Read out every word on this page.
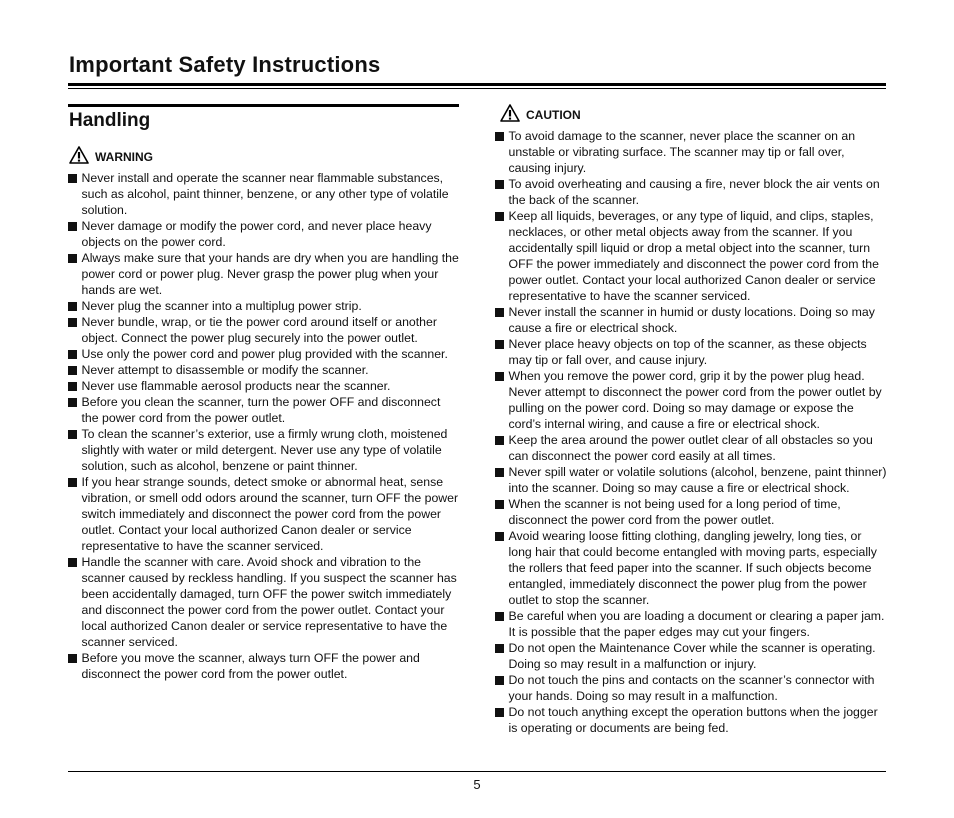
Important Safety Instructions
Handling
WARNING
Never install and operate the scanner near flammable substances, such as alcohol, paint thinner, benzene, or any other type of volatile solution.
Never damage or modify the power cord, and never place heavy objects on the power cord.
Always make sure that your hands are dry when you are handling the power cord or power plug. Never grasp the power plug when your hands are wet.
Never plug the scanner into a multiplug power strip.
Never bundle, wrap, or tie the power cord around itself or another object. Connect the power plug securely into the power outlet.
Use only the power cord and power plug provided with the scanner.
Never attempt to disassemble or modify the scanner.
Never use flammable aerosol products near the scanner.
Before you clean the scanner, turn the power OFF and disconnect the power cord from the power outlet.
To clean the scanner’s exterior, use a firmly wrung cloth, moistened slightly with water or mild detergent. Never use any type of volatile solution, such as alcohol, benzene or paint thinner.
If you hear strange sounds, detect smoke or abnormal heat, sense vibration, or smell odd odors around the scanner, turn OFF the power switch immediately and disconnect the power cord from the power outlet. Contact your local authorized Canon dealer or service representative to have the scanner serviced.
Handle the scanner with care. Avoid shock and vibration to the scanner caused by reckless handling. If you suspect the scanner has been accidentally damaged, turn OFF the power switch immediately and disconnect the power cord from the power outlet. Contact your local authorized Canon dealer or service representative to have the scanner serviced.
Before you move the scanner, always turn OFF the power and disconnect the power cord from the power outlet.
CAUTION
To avoid damage to the scanner, never place the scanner on an unstable or vibrating surface. The scanner may tip or fall over, causing injury.
To avoid overheating and causing a fire, never block the air vents on the back of the scanner.
Keep all liquids, beverages, or any type of liquid, and clips, staples, necklaces, or other metal objects away from the scanner. If you accidentally spill liquid or drop a metal object into the scanner, turn OFF the power immediately and disconnect the power cord from the power outlet. Contact your local authorized Canon dealer or service representative to have the scanner serviced.
Never install the scanner in humid or dusty locations. Doing so may cause a fire or electrical shock.
Never place heavy objects on top of the scanner, as these objects may tip or fall over, and cause injury.
When you remove the power cord, grip it by the power plug head. Never attempt to disconnect the power cord from the power outlet by pulling on the power cord. Doing so may damage or expose the cord’s internal wiring, and cause a fire or electrical shock.
Keep the area around the power outlet clear of all obstacles so you can disconnect the power cord easily at all times.
Never spill water or volatile solutions (alcohol, benzene, paint thinner) into the scanner. Doing so may cause a fire or electrical shock.
When the scanner is not being used for a long period of time, disconnect the power cord from the power outlet.
Avoid wearing loose fitting clothing, dangling jewelry, long ties, or long hair that could become entangled with moving parts, especially the rollers that feed paper into the scanner. If such objects become entangled, immediately disconnect the power plug from the power outlet to stop the scanner.
Be careful when you are loading a document or clearing a paper jam. It is possible that the paper edges may cut your fingers.
Do not open the Maintenance Cover while the scanner is operating. Doing so may result in a malfunction or injury.
Do not touch the pins and contacts on the scanner’s connector with your hands. Doing so may result in a malfunction.
Do not touch anything except the operation buttons when the jogger is operating or documents are being fed.
5
